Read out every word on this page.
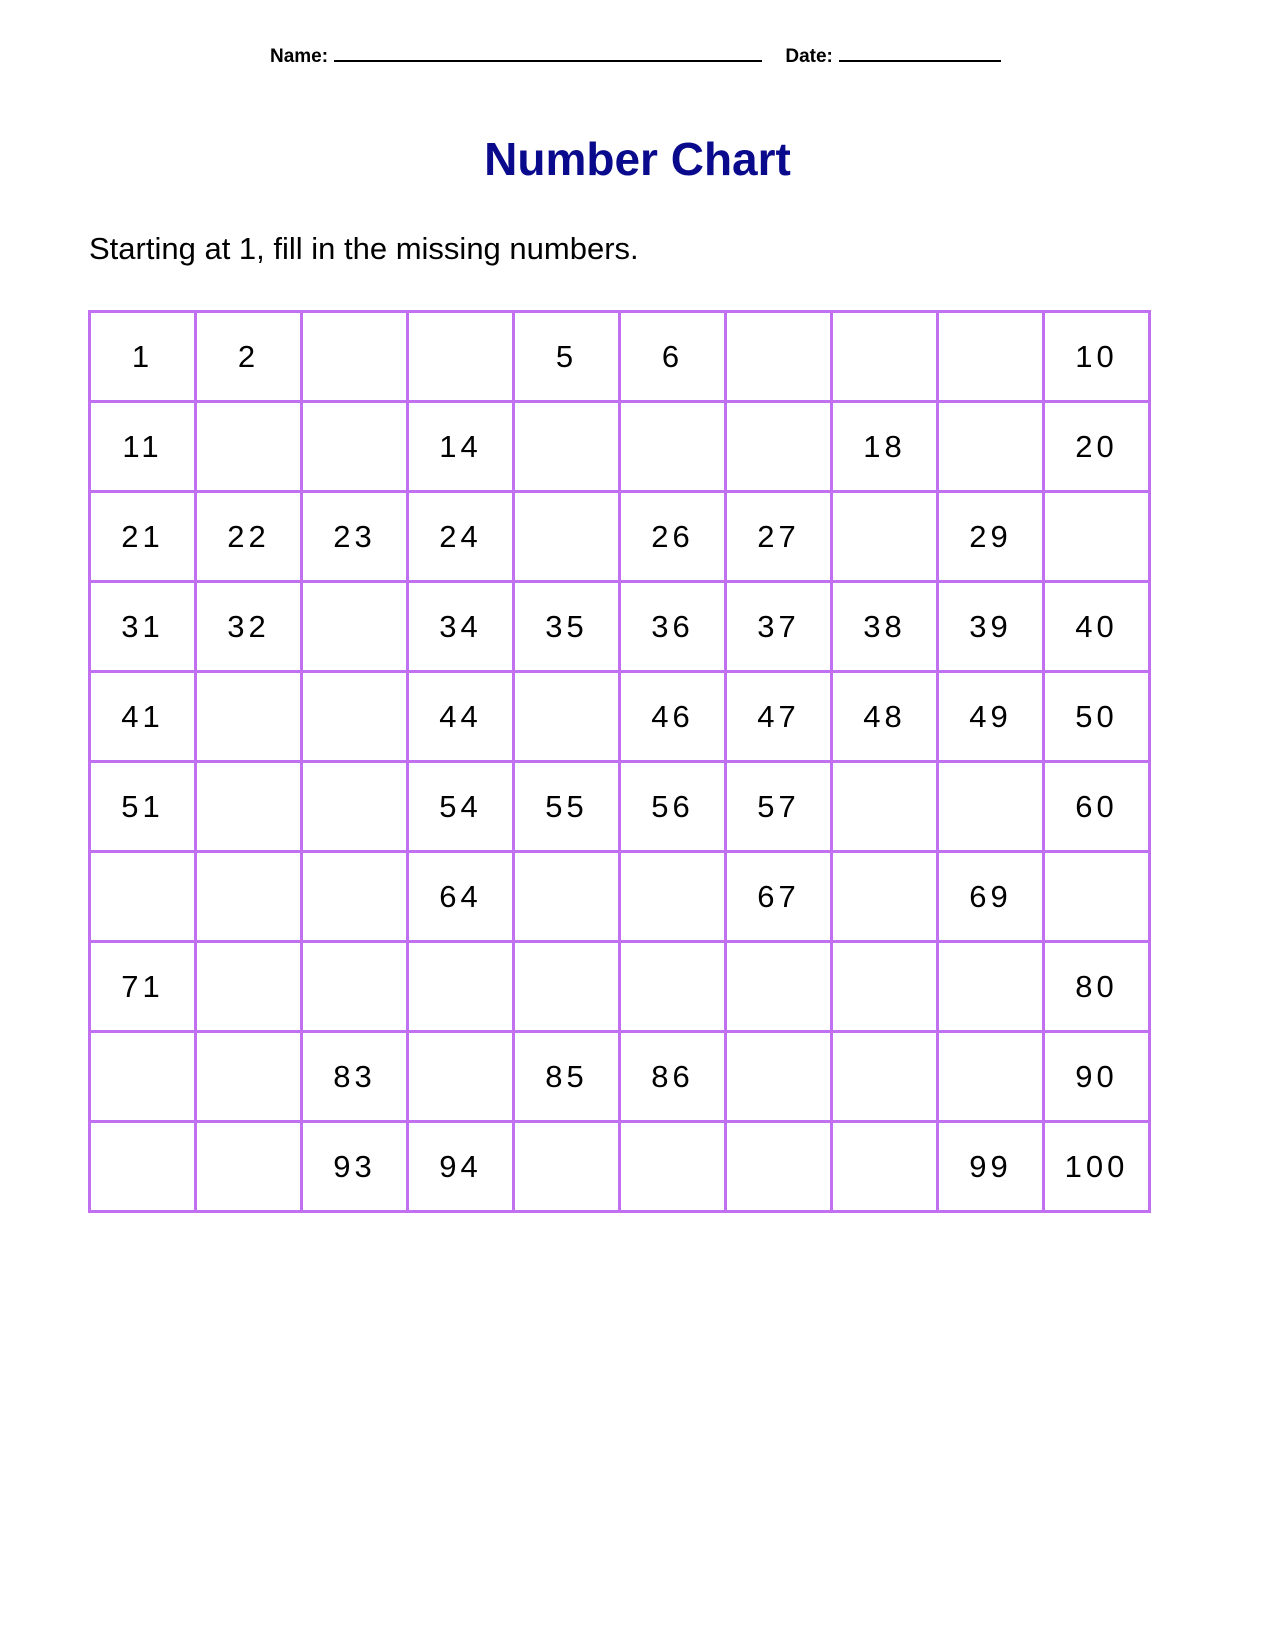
Name:	Date:
Number Chart
Starting at 1, fill in the missing numbers.
1	2			5	6				10
11			14				18		20
21	22	23	24		26	27		29	
31	32		34	35	36	37	38	39	40
41			44		46	47	48	49	50
51			54	55	56	57			60
			64			67		69	
71									80
		83		85	86				90
		93	94					99	100
